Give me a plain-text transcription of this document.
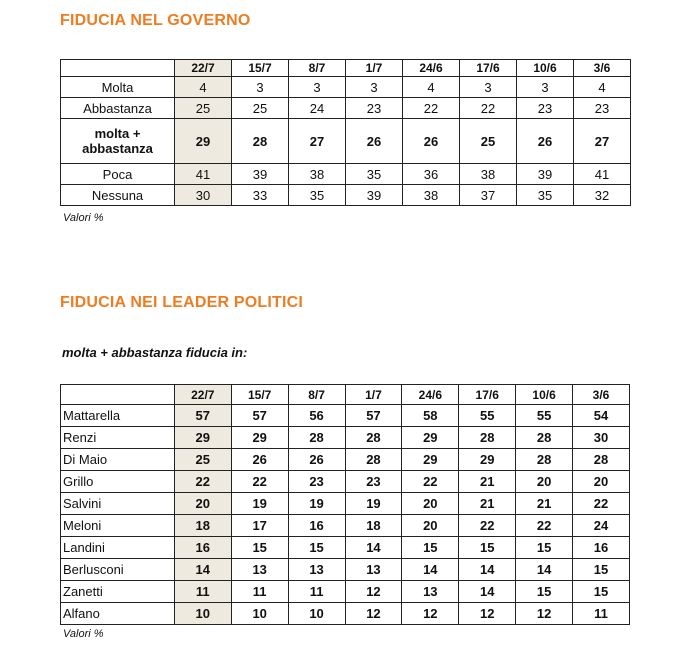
FIDUCIA NEL GOVERNO
	22/7	15/7	8/7	1/7	24/6	17/6	10/6	3/6
Molta	4	3	3	3	4	3	3	4
Abbastanza	25	25	24	23	22	22	23	23
molta + abbastanza	29	28	27	26	26	25	26	27
Poca	41	39	38	35	36	38	39	41
Nessuna	30	33	35	39	38	37	35	32
Valori %
FIDUCIA NEI LEADER POLITICI
molta + abbastanza fiducia in:
	22/7	15/7	8/7	1/7	24/6	17/6	10/6	3/6
Mattarella	57	57	56	57	58	55	55	54
Renzi	29	29	28	28	29	28	28	30
Di Maio	25	26	26	28	29	29	28	28
Grillo	22	22	23	23	22	21	20	20
Salvini	20	19	19	19	20	21	21	22
Meloni	18	17	16	18	20	22	22	24
Landini	16	15	15	14	15	15	15	16
Berlusconi	14	13	13	13	14	14	14	15
Zanetti	11	11	11	12	13	14	15	15
Alfano	10	10	10	12	12	12	12	11
Valori %
